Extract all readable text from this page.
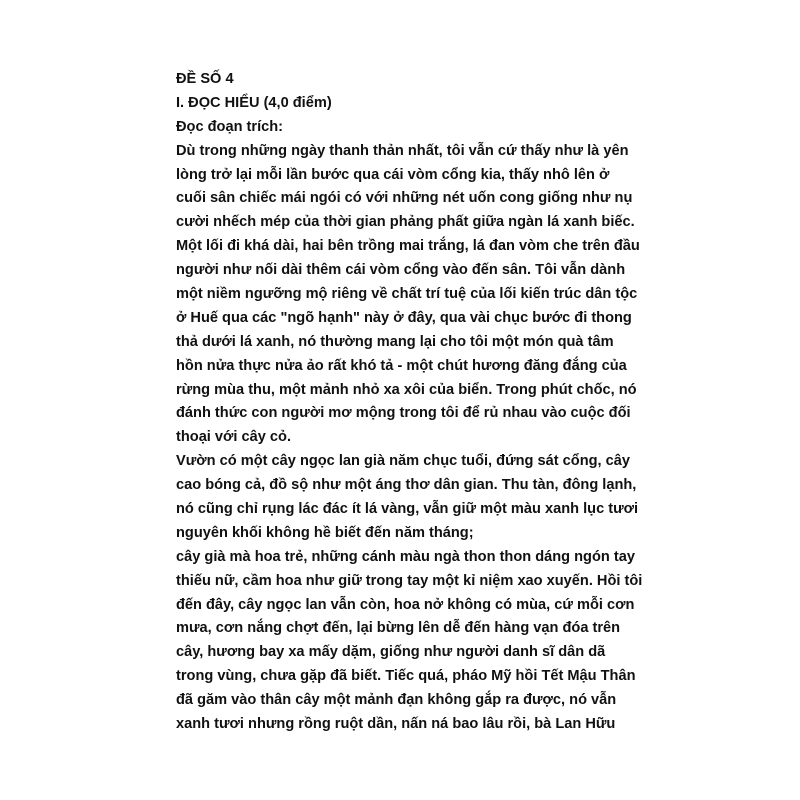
ĐỀ SỐ 4
I. ĐỌC HIỂU (4,0 điểm)
Đọc đoạn trích:
Dù trong những ngày thanh thản nhất, tôi vẫn cứ thấy như là yên
lòng trở lại mỗi lần bước qua cái vòm cổng kia, thấy nhô lên ở
cuối sân chiếc mái ngói có với những nét uốn cong giống như nụ
cười nhếch mép của thời gian phảng phất giữa ngàn lá xanh biếc.
Một lối đi khá dài, hai bên trồng mai trắng, lá đan vòm che trên đầu
người như nối dài thêm cái vòm cổng vào đến sân. Tôi vẫn dành
một niềm ngưỡng mộ riêng về chất trí tuệ của lối kiến trúc dân tộc
ở Huế qua các "ngõ hạnh" này ở đây, qua vài chục bước đi thong
thả dưới lá xanh, nó thường mang lại cho tôi một món quà tâm
hồn nửa thực nửa ảo rất khó tả - một chút hương đăng đắng của
rừng mùa thu, một mảnh nhỏ xa xôi của biển. Trong phút chốc, nó
đánh thức con người mơ mộng trong tôi để rủ nhau vào cuộc đối
thoại với cây cỏ.
Vườn có một cây ngọc lan già năm chục tuổi, đứng sát cổng, cây
cao bóng cả, đồ sộ như một áng thơ dân gian. Thu tàn, đông lạnh,
nó cũng chỉ rụng lác đác ít lá vàng, vẫn giữ một màu xanh lục tươi
nguyên khối không hề biết đến năm tháng;
cây già mà hoa trẻ, những cánh màu ngà thon thon dáng ngón tay
thiếu nữ, cầm hoa như giữ trong tay một kỉ niệm xao xuyến. Hồi tôi
đến đây, cây ngọc lan vẫn còn, hoa nở không có mùa, cứ mỗi cơn
mưa, cơn nắng chợt đến, lại bừng lên dễ đến hàng vạn đóa trên
cây, hương bay xa mấy dặm, giống như người danh sĩ dân dã
trong vùng, chưa gặp đã biết. Tiếc quá, pháo Mỹ hồi Tết Mậu Thân
đã găm vào thân cây một mảnh đạn không gắp ra được, nó vẫn
xanh tươi nhưng rồng ruột dần, nấn ná bao lâu rồi, bà Lan Hữu
